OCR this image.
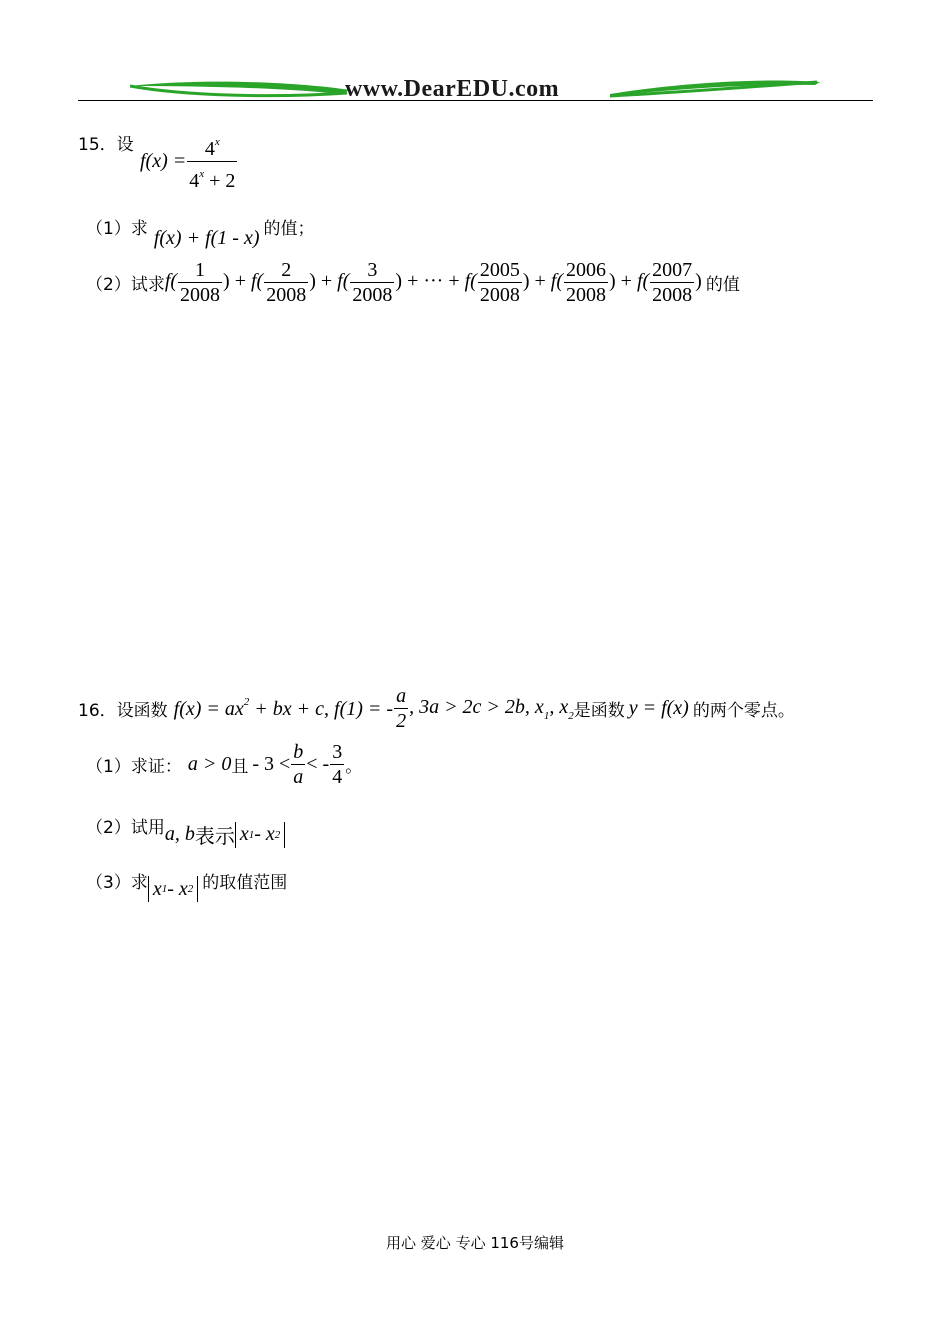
www.DearEDU.com
15． 设
$f(x) = \frac{4^x}{4^x + 2}$
（1）求 f(x) + f(1 - x) 的值；
（2）试求 $f( \frac{1}{2008}$ ) + $f( \frac{2}{2008}$ ) + $f( \frac{3}{2008}$ ) + ··· + $f( \frac{2005}{2008}$ ) + $f( \frac{2006}{2008}$ ) + $f( \frac{2007}{2008}$ ) 的值
16． 设函数 $f(x) = ax^2$ + bx + c, f(1) = - $\frac{a}{2}$ , 3a > 2c > 2b, $x_1$, $x_2$ 是函数 y = f(x) 的两个零点。
（1）求证： a > 0 且 - $3 < \frac{b}{a}$ < - $\frac{3}{4}$ 。
（2）试用 a, b 表示 x 1 - x 2
（3）求 x 1 - x 2 的取值范围
用心 爱心 专心 116号编辑
